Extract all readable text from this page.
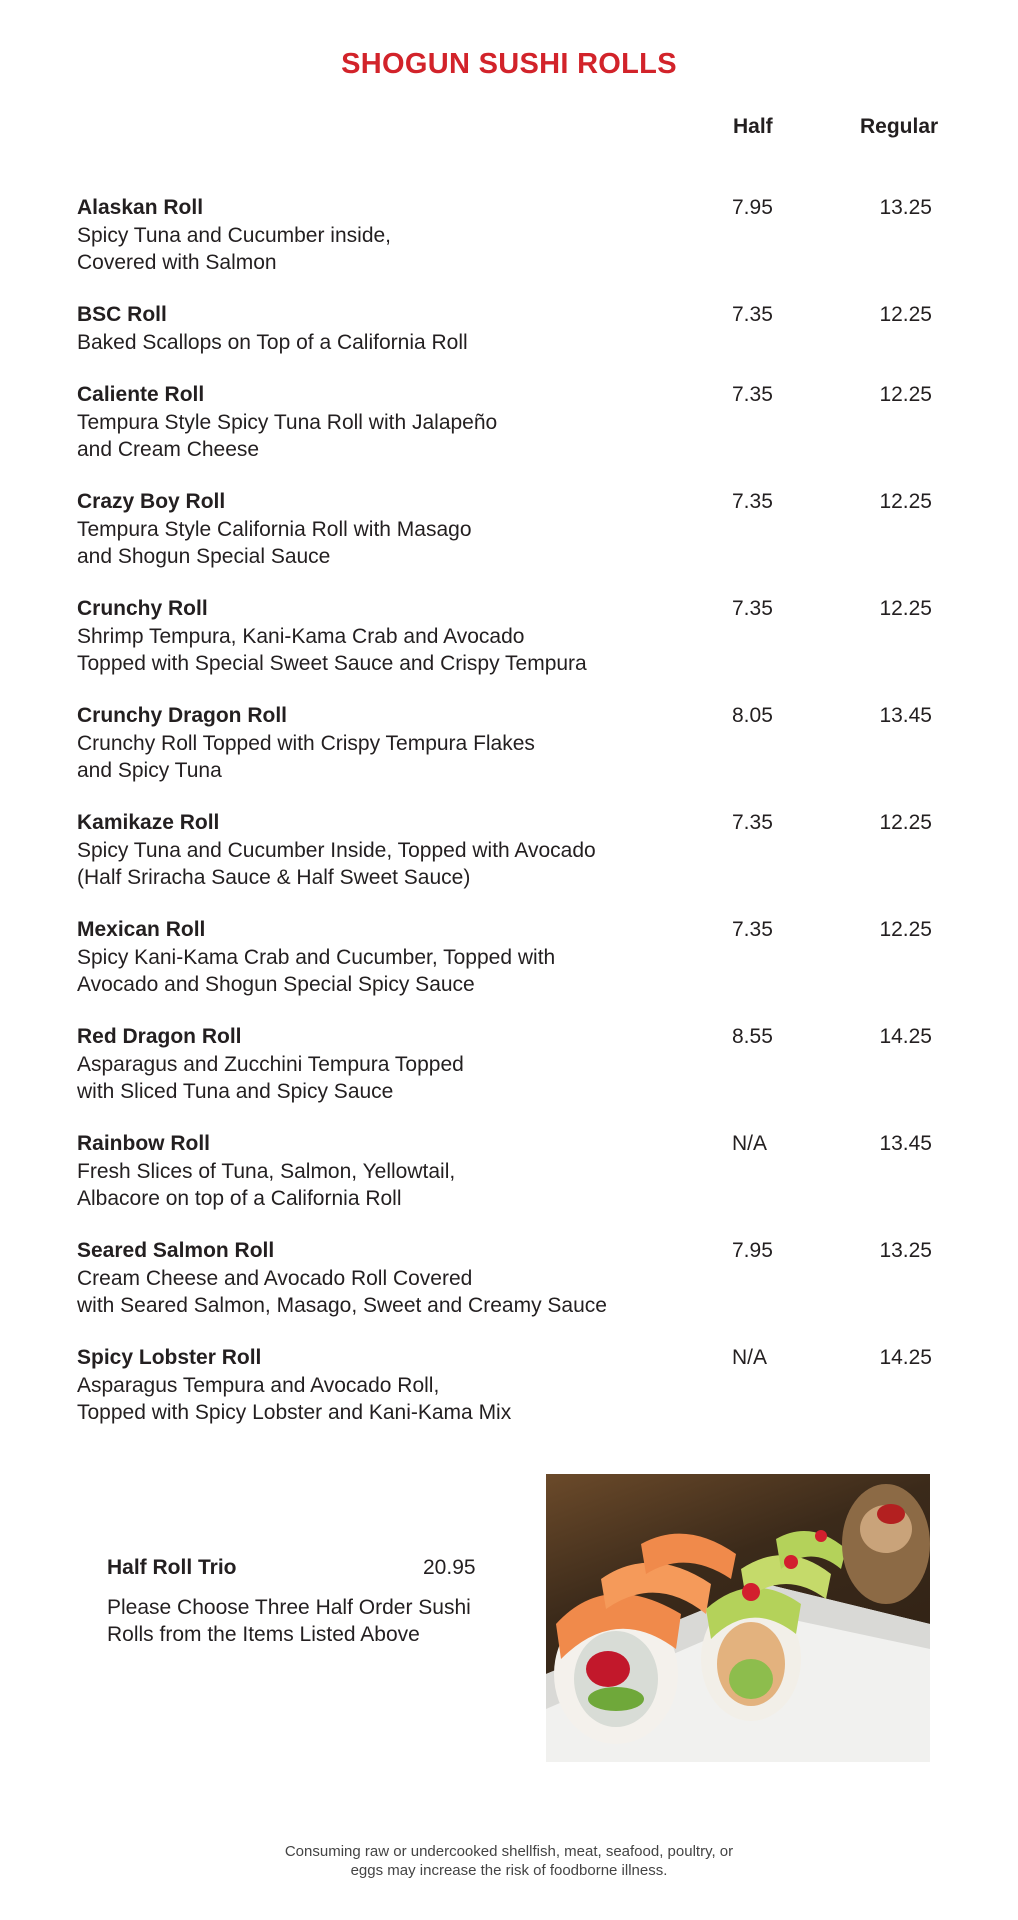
SHOGUN SUSHI ROLLS
Half	Regular
Alaskan Roll
Spicy Tuna and Cucumber inside,
Covered with Salmon
7.95	13.25
BSC Roll
Baked Scallops on Top of a California Roll
7.35	12.25
Caliente Roll
Tempura Style Spicy Tuna Roll with Jalapeño
and Cream Cheese
7.35	12.25
Crazy Boy Roll
Tempura Style California Roll with Masago
and Shogun Special Sauce
7.35	12.25
Crunchy Roll
Shrimp Tempura, Kani-Kama Crab and Avocado
Topped with Special Sweet Sauce and Crispy Tempura
7.35	12.25
Crunchy Dragon Roll
Crunchy Roll Topped with Crispy Tempura Flakes
and Spicy Tuna
8.05	13.45
Kamikaze Roll
Spicy Tuna and Cucumber Inside, Topped with Avocado
(Half Sriracha Sauce & Half Sweet Sauce)
7.35	12.25
Mexican Roll
Spicy Kani-Kama Crab and Cucumber, Topped with
Avocado and Shogun Special Spicy Sauce
7.35	12.25
Red Dragon Roll
Asparagus and Zucchini Tempura Topped
with Sliced Tuna and Spicy Sauce
8.55	14.25
Rainbow Roll
Fresh Slices of Tuna, Salmon, Yellowtail,
Albacore on top of a California Roll
N/A	13.45
Seared Salmon Roll
Cream Cheese and Avocado Roll Covered
with Seared Salmon, Masago, Sweet and Creamy Sauce
7.95	13.25
Spicy Lobster Roll
Asparagus Tempura and Avocado Roll,
Topped with Spicy Lobster and Kani-Kama Mix
N/A	14.25
Half Roll Trio	20.95
Please Choose Three Half Order Sushi
Rolls from the Items Listed Above
Consuming raw or undercooked shellfish, meat, seafood, poultry, or
eggs may increase the risk of foodborne illness.
